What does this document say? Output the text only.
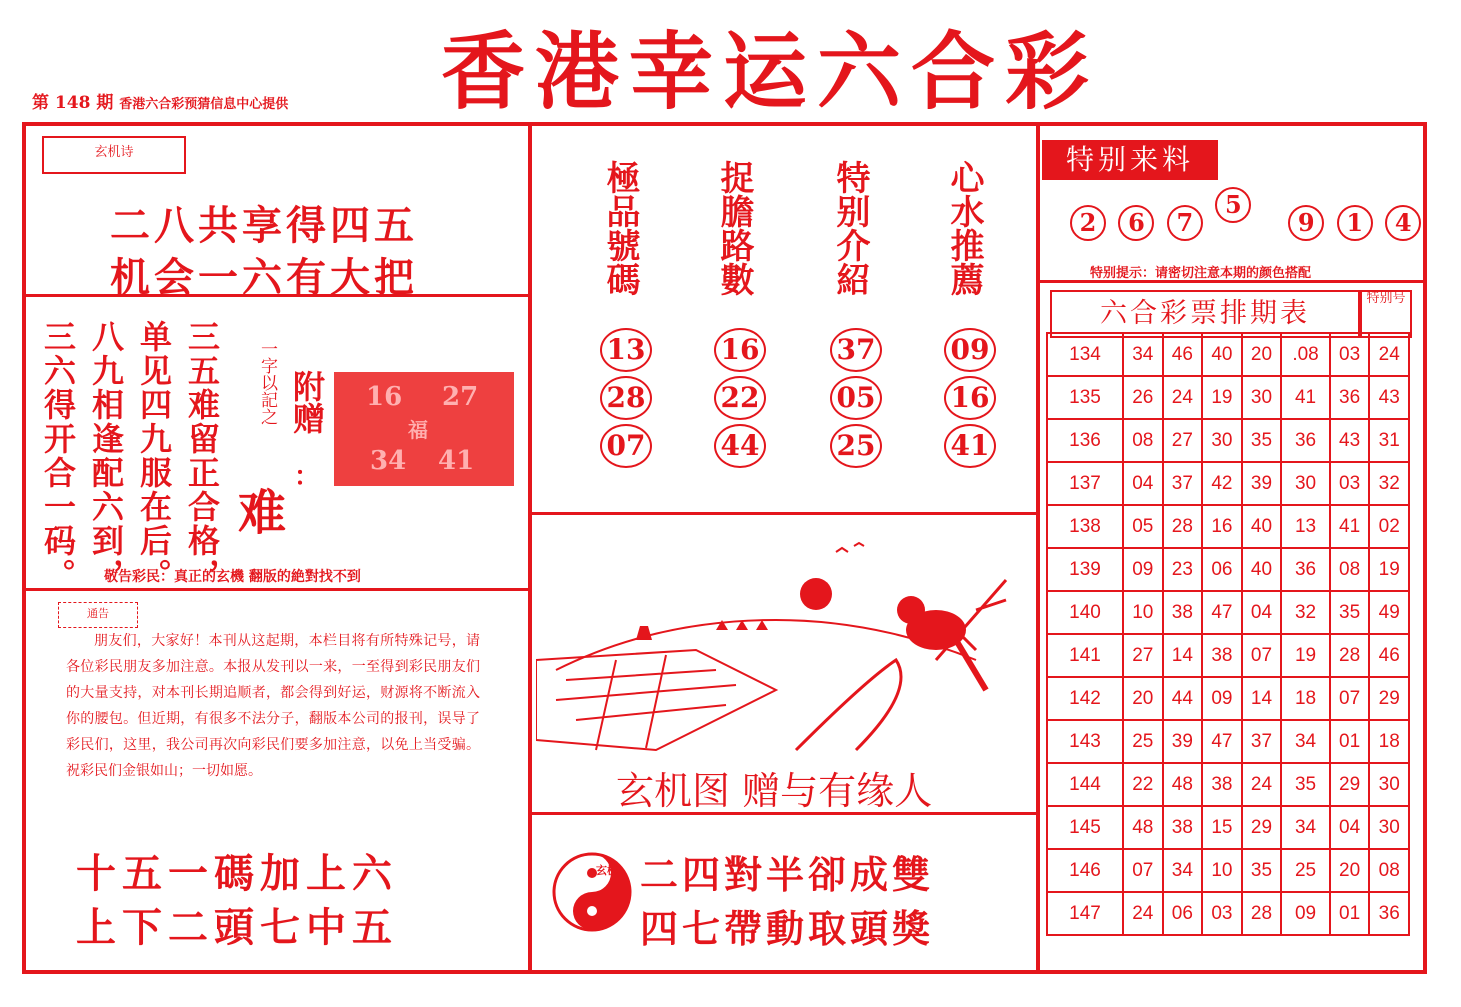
香港幸运六合彩
第 148 期 香港六合彩预猜信息中心提供
玄机诗
二八共享得四五
机会一六有大把
三五难留正合格，
单见四九服在后。
八九相逢配六到，
三六得开合一码。	一字以記之 附赠
：
难
16 27
福
34 41
敬告彩民：真正的玄機 翻版的絶對找不到
通告
朋友们，大家好！本刊从这起期，本栏目将有所特殊记号，请各位彩民朋友多加注意。本报从发刊以一来，一至得到彩民朋友们的大量支持，对本刊长期追顺者，都会得到好运，财源将不断流入你的腰包。但近期，有很多不法分子，翻版本公司的报刊，误导了彩民们，这里，我公司再次向彩民们要多加注意，以免上当受骗。祝彩民们金银如山；一切如愿。
十五一碼加上六
上下二頭七中五
極品號碼
13
28
07
捉膽路數
16
22
44
特别介紹
37
05
25
心水推薦
09
16
41
玄机图 赠与有缘人
玄機 二四對半卻成雙
四七帶動取頭獎
特别来料
2 6 7 5  9 1 4
特别提示：请密切注意本期的颜色搭配
六合彩票排期表	特别号
134	34	46	40	20	.08	03	24
135	26	24	19	30	41	36	43
136	08	27	30	35	36	43	31
137	04	37	42	39	30	03	32
138	05	28	16	40	13	41	02
139	09	23	06	40	36	08	19
140	10	38	47	04	32	35	49
141	27	14	38	07	19	28	46
142	20	44	09	14	18	07	29
143	25	39	47	37	34	01	18
144	22	48	38	24	35	29	30
145	48	38	15	29	34	04	30
146	07	34	10	35	25	20	08
147	24	06	03	28	09	01	36
